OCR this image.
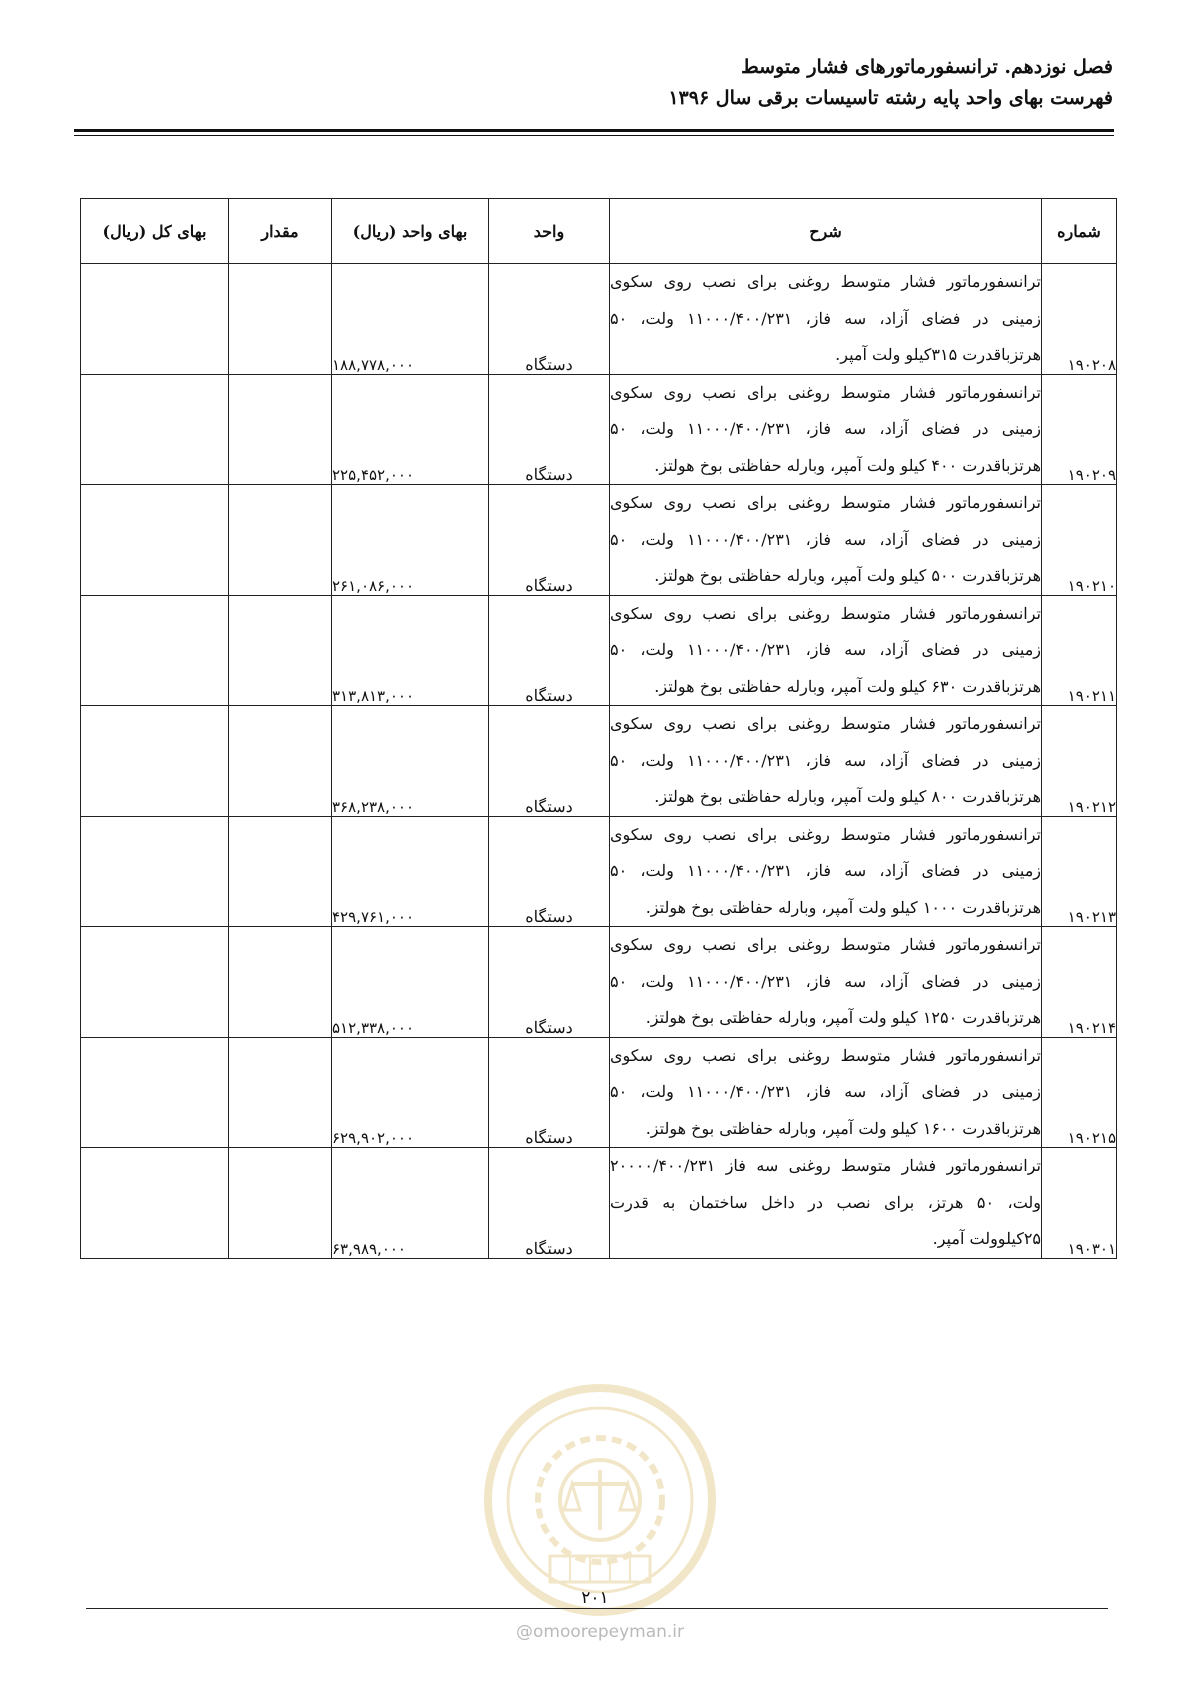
فصل نوزدهم. ترانسفورماتورهای فشار متوسط
فهرست بهای واحد پایه رشته تاسیسات برقی سال ۱۳۹۶
شماره	شرح	واحد	بهای واحد (ریال)	مقدار	بهای کل (ریال)
۱۹۰۲۰۸	ترانسفورماتور فشار متوسط روغنی برای نصب روی سکوی زمینی در فضای آزاد، سه فاز، ۱۱۰۰۰/۴۰۰/۲۳۱ ولت، ۵۰ هرتزباقدرت ۳۱۵کیلو ولت آمپر.	دستگاه	۱۸۸,۷۷۸,۰۰۰		
۱۹۰۲۰۹	ترانسفورماتور فشار متوسط روغنی برای نصب روی سکوی زمینی در فضای آزاد، سه فاز، ۱۱۰۰۰/۴۰۰/۲۳۱ ولت، ۵۰ هرتزباقدرت ۴۰۰ کیلو ولت آمپر، وبارله حفاظتی بوخ هولتز.	دستگاه	۲۲۵,۴۵۲,۰۰۰		
۱۹۰۲۱۰	ترانسفورماتور فشار متوسط روغنی برای نصب روی سکوی زمینی در فضای آزاد، سه فاز، ۱۱۰۰۰/۴۰۰/۲۳۱ ولت، ۵۰ هرتزباقدرت ۵۰۰ کیلو ولت آمپر، وبارله حفاظتی بوخ هولتز.	دستگاه	۲۶۱,۰۸۶,۰۰۰		
۱۹۰۲۱۱	ترانسفورماتور فشار متوسط روغنی برای نصب روی سکوی زمینی در فضای آزاد، سه فاز، ۱۱۰۰۰/۴۰۰/۲۳۱ ولت، ۵۰ هرتزباقدرت ۶۳۰ کیلو ولت آمپر، وبارله حفاظتی بوخ هولتز.	دستگاه	۳۱۳,۸۱۳,۰۰۰		
۱۹۰۲۱۲	ترانسفورماتور فشار متوسط روغنی برای نصب روی سکوی زمینی در فضای آزاد، سه فاز، ۱۱۰۰۰/۴۰۰/۲۳۱ ولت، ۵۰ هرتزباقدرت ۸۰۰ کیلو ولت آمپر، وبارله حفاظتی بوخ هولتز.	دستگاه	۳۶۸,۲۳۸,۰۰۰		
۱۹۰۲۱۳	ترانسفورماتور فشار متوسط روغنی برای نصب روی سکوی زمینی در فضای آزاد، سه فاز، ۱۱۰۰۰/۴۰۰/۲۳۱ ولت، ۵۰ هرتزباقدرت ۱۰۰۰ کیلو ولت آمپر، وبارله حفاظتی بوخ هولتز.	دستگاه	۴۲۹,۷۶۱,۰۰۰		
۱۹۰۲۱۴	ترانسفورماتور فشار متوسط روغنی برای نصب روی سکوی زمینی در فضای آزاد، سه فاز، ۱۱۰۰۰/۴۰۰/۲۳۱ ولت، ۵۰ هرتزباقدرت ۱۲۵۰ کیلو ولت آمپر، وبارله حفاظتی بوخ هولتز.	دستگاه	۵۱۲,۳۳۸,۰۰۰		
۱۹۰۲۱۵	ترانسفورماتور فشار متوسط روغنی برای نصب روی سکوی زمینی در فضای آزاد، سه فاز، ۱۱۰۰۰/۴۰۰/۲۳۱ ولت، ۵۰ هرتزباقدرت ۱۶۰۰ کیلو ولت آمپر، وبارله حفاظتی بوخ هولتز.	دستگاه	۶۲۹,۹۰۲,۰۰۰		
۱۹۰۳۰۱	ترانسفورماتور فشار متوسط روغنی سه فاز ۲۰۰۰۰/۴۰۰/۲۳۱ ولت، ۵۰ هرتز، برای نصب در داخل ساختمان به قدرت ۲۵کیلوولت آمپر.	دستگاه	۶۳,۹۸۹,۰۰۰		
۲۰۱
@omoorepeyman.ir
